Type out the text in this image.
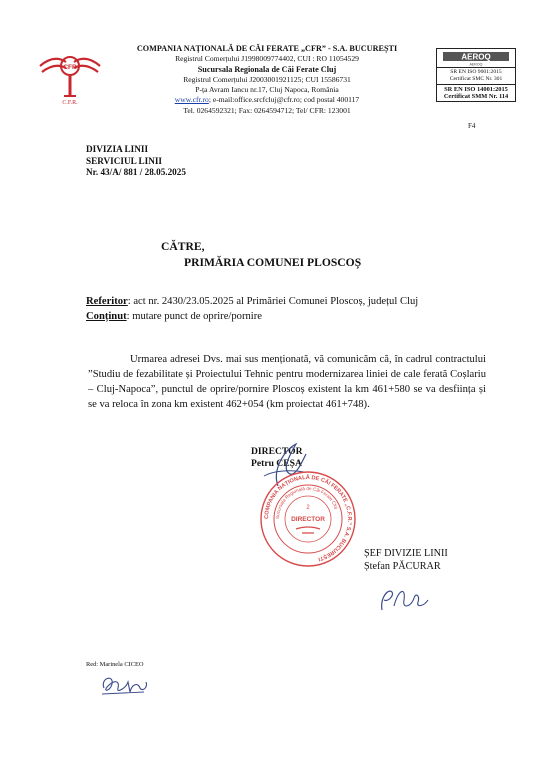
CFR
C.F.R.
COMPANIA NAȚIONALĂ DE CĂI FERATE „CFR” - S.A. BUCUREȘTI
Registrul Comerțului J1998009774402, CUI : RO 11054529
Sucursala Regionala de Căi Ferate Cluj
Registrul Comerțului J2003001921125; CUI 15586731
P-ța Avram Iancu nr.17, Cluj Napoca, România
www.cfr.ro; e-mail:office.srcfcluj@cfr.ro; cod postal 400117
Tel. 0264592321; Fax: 0264594712; Tel/ CFR: 123001
AEROQ
AEROQ
SR EN ISO 9001:2015
Certificat SMC Nr. 301
SR EN ISO 14001:2015 Certificat SMM Nr. 114
F4
DIVIZIA LINII
SERVICIUL LINII
Nr. 43/A/ 881 / 28.05.2025
CĂTRE,
PRIMĂRIA COMUNEI PLOSCOȘ
Referitor: act nr. 2430/23.05.2025 al Primăriei Comunei Ploscoș, județul Cluj
Conținut: mutare punct de oprire/pornire
Urmarea adresei Dvs. mai sus menționată, vă comunicăm că, în cadrul contractului ”Studiu de fezabilitate și Proiectului Tehnic pentru modernizarea liniei de cale ferată Coșlariu – Cluj-Napoca”, punctul de oprire/pornire Ploscoș existent la km 461+580 se va desființa și se va reloca în zona km existent 462+054 (km proiectat 461+748).
DIRECTOR
Petru CEȘA
COMPANIA NAȚIONALĂ DE CĂI FERATE „C.F.R.” S.A. BUCUREȘTI
Sucursala Regională de Căi Ferate Cluj
2
DIRECTOR
ȘEF DIVIZIE LINII
Ștefan PĂCURAR
Red: Marinela CICEO
